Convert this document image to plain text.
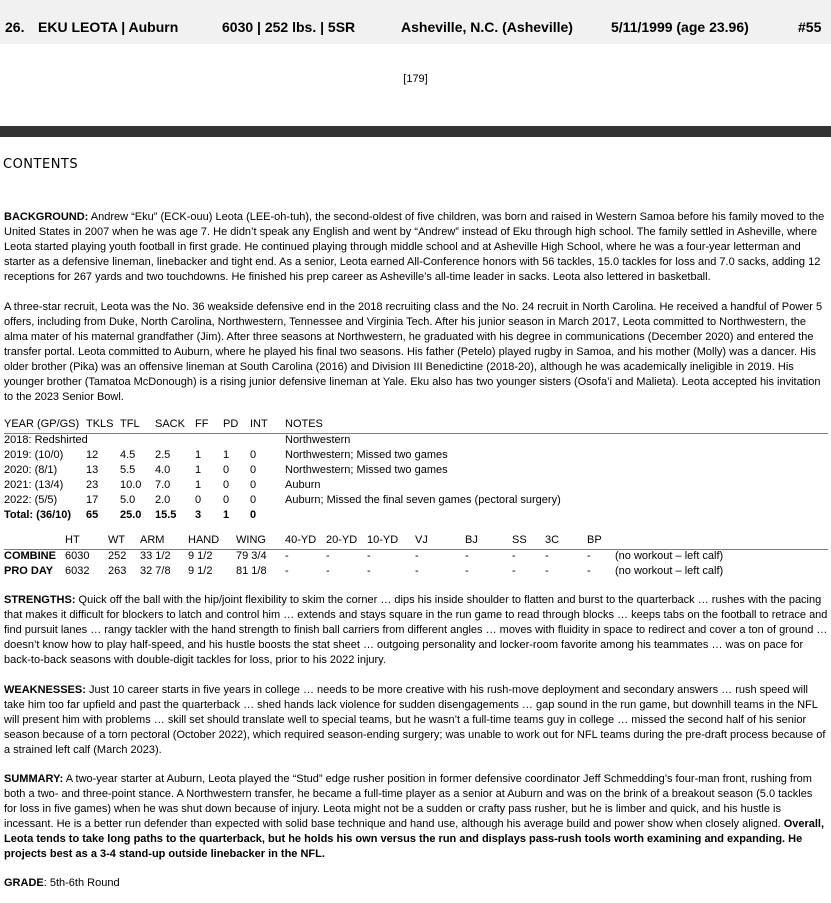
26. EKU LEOTA | Auburn	6030 | 252 lbs. | 5SR	Asheville, N.C. (Asheville)	5/11/1999 (age 23.96)	#55
[179]
CONTENTS

BACKGROUND: Andrew “Eku” (ECK-ouu) Leota (LEE-oh-tuh), the second-oldest of five children, was born and raised in Western Samoa before his family moved to the United States in 2007 when he was age 7. He didn’t speak any English and went by “Andrew” instead of Eku through high school. The family settled in Asheville, where Leota started playing youth football in first grade. He continued playing through middle school and at Asheville High School, where he was a four-year letterman and starter as a defensive lineman, linebacker and tight end. As a senior, Leota earned All-Conference honors with 56 tackles, 15.0 tackles for loss and 7.0 sacks, adding 12 receptions for 267 yards and two touchdowns. He finished his prep career as Asheville’s all-time leader in sacks. Leota also lettered in basketball.

A three-star recruit, Leota was the No. 36 weakside defensive end in the 2018 recruiting class and the No. 24 recruit in North Carolina. He received a handful of Power 5 offers, including from Duke, North Carolina, Northwestern, Tennessee and Virginia Tech. After his junior season in March 2017, Leota committed to Northwestern, the alma mater of his maternal grandfather (Jim). After three seasons at Northwestern, he graduated with his degree in communications (December 2020) and entered the transfer portal. Leota committed to Auburn, where he played his final two seasons. His father (Petelo) played rugby in Samoa, and his mother (Molly) was a dancer. His older brother (Pika) was an offensive lineman at South Carolina (2016) and Division III Benedictine (2018-20), although he was academically ineligible in 2019. His younger brother (Tamatoa McDonough) is a rising junior defensive lineman at Yale. Eku also has two younger sisters (Osofa’i and Malieta). Leota accepted his invitation to the 2023 Senior Bowl.

YEAR (GP/GS) TKLS TFL SACK FF PD INT NOTES
2018: Redshirted	Northwestern
2019: (10/0) 12 4.5 2.5 1 1 0	Northwestern; Missed two games
2020: (8/1)	13 5.5 4.0 1 0 0	Northwestern; Missed two games
2021: (13/4) 23 10.0 7.0 1 0 0	Auburn
2022: (5/5)	17 5.0 2.0 0 0 0	Auburn; Missed the final seven games (pectoral surgery)
Total: (36/10) 65 25.0 15.5 3 1 0
HT	WT ARM HAND WING 40-YD 20-YD 10-YD VJ	BJ	SS 3C	BP
COMBINE 6030 252 33 1/2 9 1/2 79 3/4 -	-	-	-	-	-	-	- (no workout – left calf)
PRO DAY 6032 263 32 7/8 9 1/2 81 1/8 -	-	-	-	-	-	-	- (no workout – left calf)

STRENGTHS: Quick off the ball with the hip/joint flexibility to skim the corner … dips his inside shoulder to flatten and burst to the quarterback … rushes with the pacing that makes it difficult for blockers to latch and control him … extends and stays square in the run game to read through blocks … keeps tabs on the football to retrace and find pursuit lanes … rangy tackler with the hand strength to finish ball carriers from different angles … moves with fluidity in space to redirect and cover a ton of ground … doesn’t know how to play half-speed, and his hustle boosts the stat sheet … outgoing personality and locker-room favorite among his teammates … was on pace for back-to-back seasons with double-digit tackles for loss, prior to his 2022 injury.

WEAKNESSES: Just 10 career starts in five years in college … needs to be more creative with his rush-move deployment and secondary answers … rush speed will take him too far upfield and past the quarterback … shed hands lack violence for sudden disengagements … gap sound in the run game, but downhill teams in the NFL will present him with problems … skill set should translate well to special teams, but he wasn’t a full-time teams guy in college … missed the second half of his senior season because of a torn pectoral (October 2022), which required season-ending surgery; was unable to work out for NFL teams during the pre-draft process because of a strained left calf (March 2023).

SUMMARY: A two-year starter at Auburn, Leota played the “Stud” edge rusher position in former defensive coordinator Jeff Schmedding’s four-man front, rushing from both a two- and three-point stance. A Northwestern transfer, he became a full-time player as a senior at Auburn and was on the brink of a breakout season (5.0 tackles for loss in five games) when he was shut down because of injury. Leota might not be a sudden or crafty pass rusher, but he is limber and quick, and his hustle is incessant. He is a better run defender than expected with solid base technique and hand use, although his average build and power show when closely aligned. Overall, Leota tends to take long paths to the quarterback, but he holds his own versus the run and displays pass-rush tools worth examining and expanding. He projects best as a 3-4 stand-up outside linebacker in the NFL.

GRADE: 5th-6th Round
